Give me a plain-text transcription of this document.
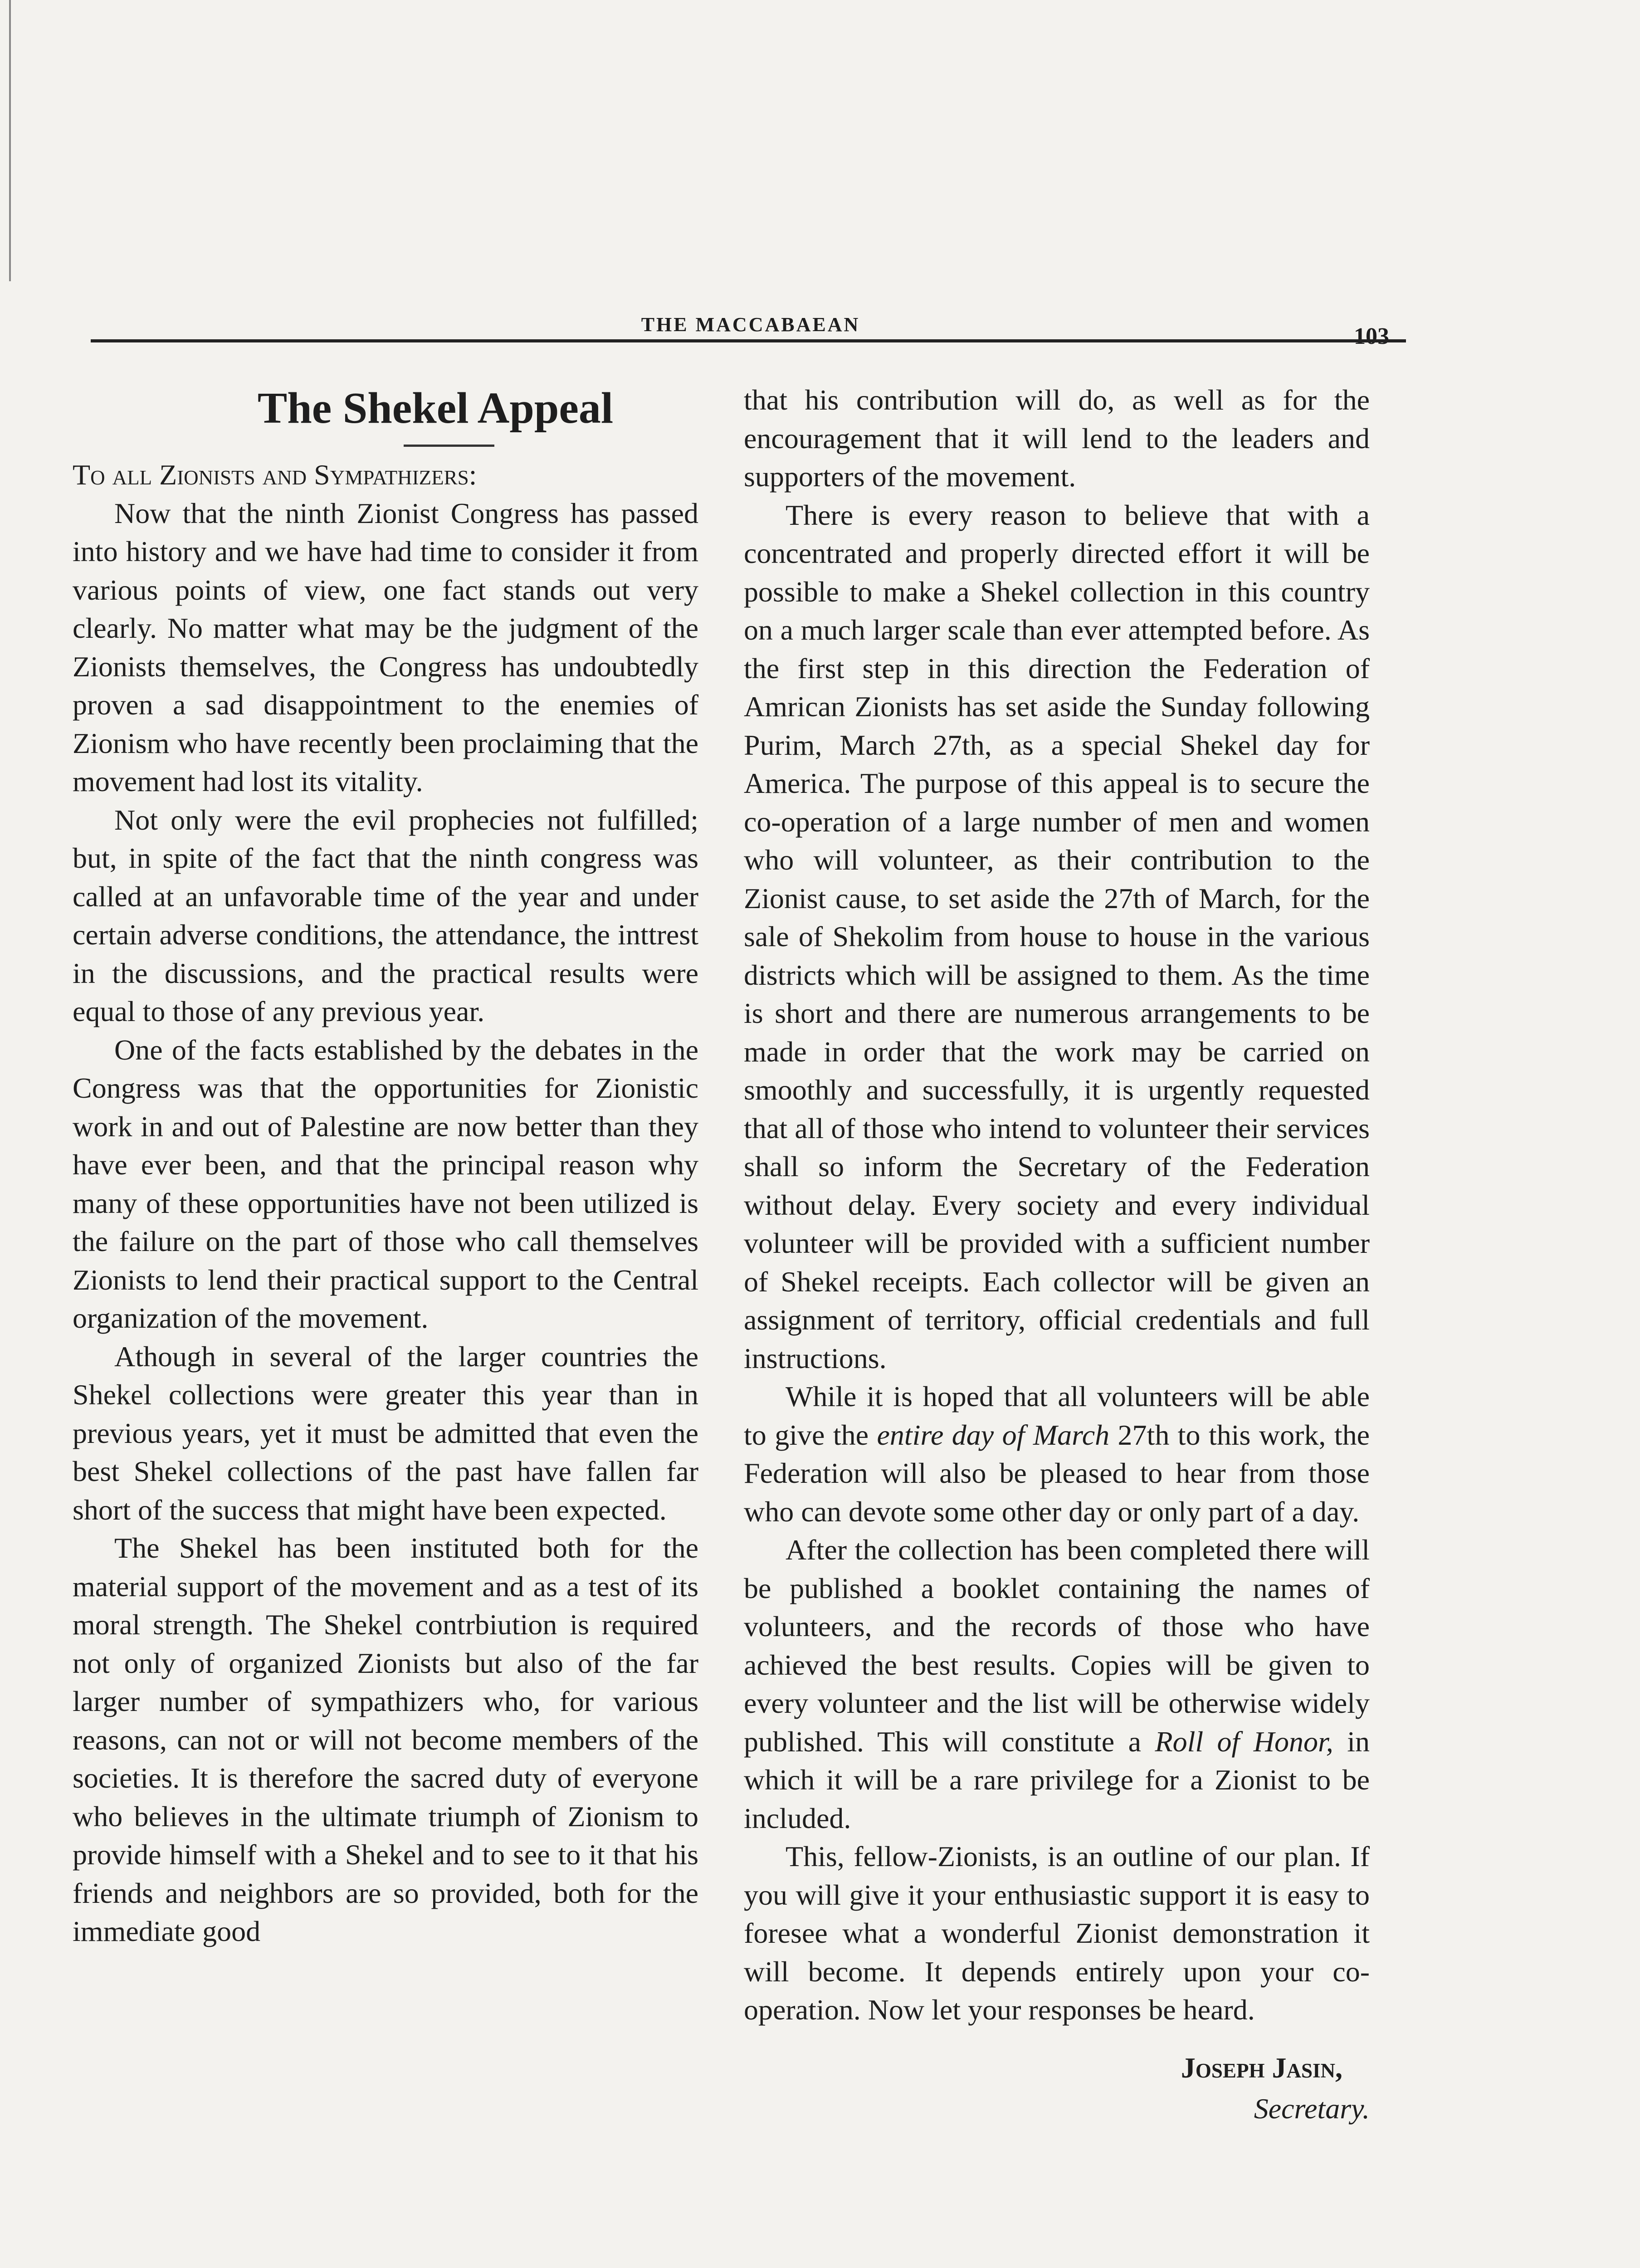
THE MACCABAEAN	103
The Shekel Appeal

To all Zionists and Sympathizers:

Now that the ninth Zionist Congress has passed into history and we have had time to consider it from various points of view, one fact stands out very clearly. No matter what may be the judgment of the Zionists themselves, the Congress has undoubtedly proven a sad disappointment to the enemies of Zionism who have recently been proclaiming that the movement had lost its vitality.

Not only were the evil prophecies not fulfilled; but, in spite of the fact that the ninth congress was called at an unfavorable time of the year and under certain adverse conditions, the attendance, the inttrest in the discussions, and the practical results were equal to those of any previous year.

One of the facts established by the debates in the Congress was that the opportunities for Zionistic work in and out of Palestine are now better than they have ever been, and that the principal reason why many of these opportunities have not been utilized is the failure on the part of those who call themselves Zionists to lend their practical support to the Central organization of the movement.

Athough in several of the larger countries the Shekel collections were greater this year than in previous years, yet it must be admitted that even the best Shekel collections of the past have fallen far short of the success that might have been expected.

The Shekel has been instituted both for the material support of the movement and as a test of its moral strength. The Shekel contrbiution is required not only of organized Zionists but also of the far larger number of sympathizers who, for various reasons, can not or will not become members of the societies. It is therefore the sacred duty of everyone who believes in the ultimate triumph of Zionism to provide himself with a Shekel and to see to it that his friends and neighbors are so provided, both for the immediate good

that his contribution will do, as well as for the encouragement that it will lend to the leaders and supporters of the movement.

There is every reason to believe that with a concentrated and properly directed effort it will be possible to make a Shekel collection in this country on a much larger scale than ever attempted before. As the first step in this direction the Federation of Amrican Zionists has set aside the Sunday following Purim, March 27th, as a special Shekel day for America. The purpose of this appeal is to secure the co-operation of a large number of men and women who will volunteer, as their contribution to the Zionist cause, to set aside the 27th of March, for the sale of Shekolim from house to house in the various districts which will be assigned to them. As the time is short and there are numerous arrangements to be made in order that the work may be carried on smoothly and successfully, it is urgently requested that all of those who intend to volunteer their services shall so inform the Secretary of the Federation without delay. Every society and every individual volunteer will be provided with a sufficient number of Shekel receipts. Each collector will be given an assignment of territory, official credentials and full instructions.

While it is hoped that all volunteers will be able to give the entire day of March 27th to this work, the Federation will also be pleased to hear from those who can devote some other day or only part of a day.

After the collection has been completed there will be published a booklet containing the names of volunteers, and the records of those who have achieved the best results. Copies will be given to every volunteer and the list will be otherwise widely published. This will constitute a Roll of Honor, in which it will be a rare privilege for a Zionist to be included.

This, fellow-Zionists, is an outline of our plan. If you will give it your enthusiastic support it is easy to foresee what a wonderful Zionist demonstration it will become. It depends entirely upon your co-operation. Now let your responses be heard.

Joseph Jasin,
Secretary.
